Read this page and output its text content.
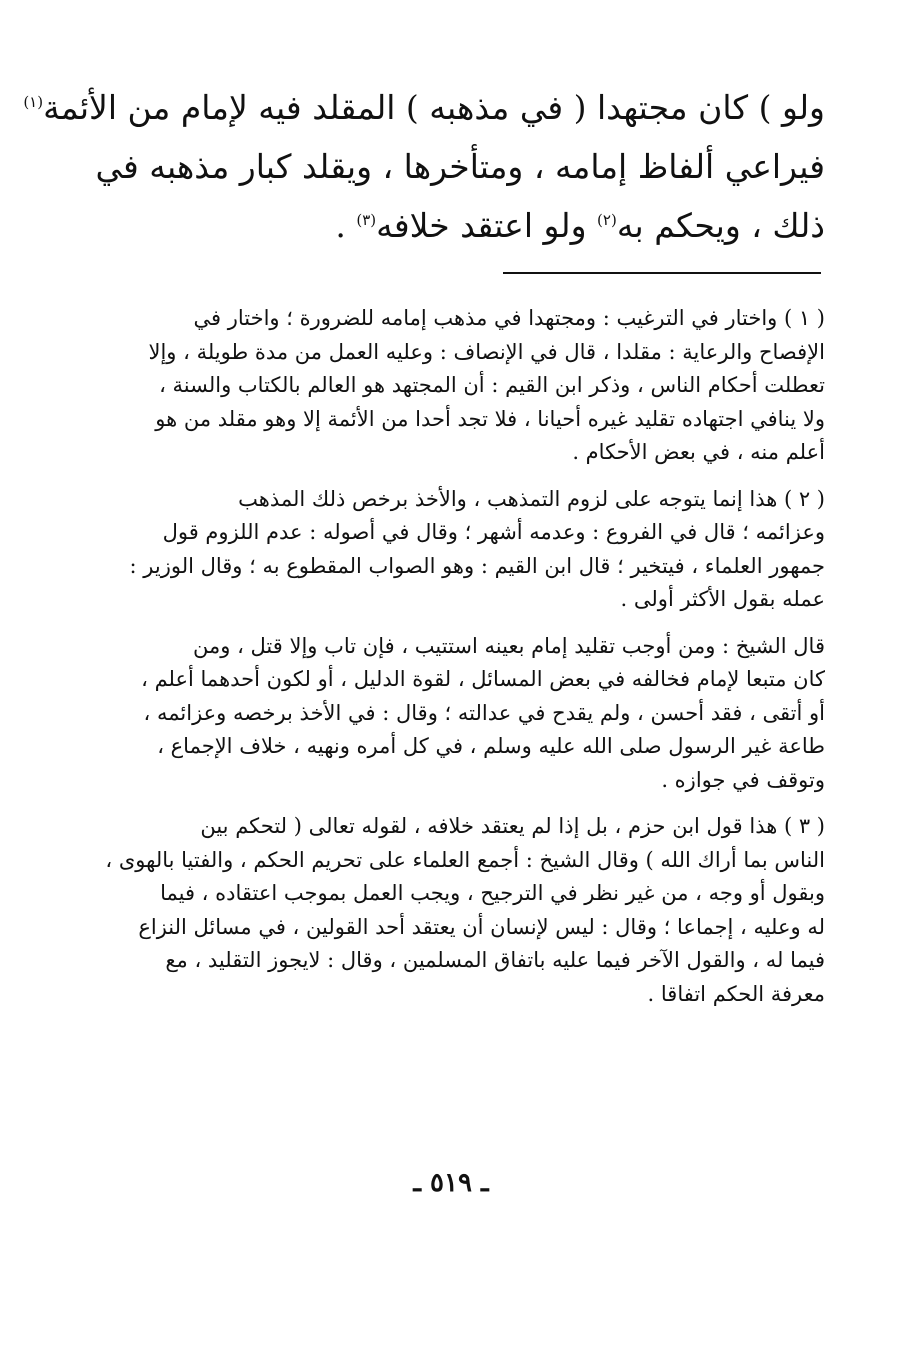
ولو ) كان مجتهدا ( في مذهبه ) المقلد فيه لإمام من الأئمة$^{(١)}$
فيراعي ألفاظ إمامه ، ومتأخرها ، ويقلد كبار مذهبه في
ذلك ، ويحكم به$^{(٢)}$ ولو اعتقد خلافه$^{(٣)}$ .
( ١ ) واختار في الترغيب : ومجتهدا في مذهب إمامه للضرورة ؛ واختار في
الإفصاح والرعاية : مقلدا ، قال في الإنصاف : وعليه العمل من مدة طويلة ، وإلا
تعطلت أحكام الناس ، وذكر ابن القيم : أن المجتهد هو العالم بالكتاب والسنة ،
ولا ينافي اجتهاده تقليد غيره أحيانا ، فلا تجد أحدا من الأئمة إلا وهو مقلد من هو
أعلم منه ، في بعض الأحكام .
( ٢ ) هذا إنما يتوجه على لزوم التمذهب ، والأخذ برخص ذلك المذهب
وعزائمه ؛ قال في الفروع : وعدمه أشهر ؛ وقال في أصوله : عدم اللزوم قول
جمهور العلماء ، فيتخير ؛ قال ابن القيم : وهو الصواب المقطوع به ؛ وقال الوزير :
عمله بقول الأكثر أولى .
قال الشيخ : ومن أوجب تقليد إمام بعينه استتيب ، فإن تاب وإلا قتل ، ومن
كان متبعا لإمام فخالفه في بعض المسائل ، لقوة الدليل ، أو لكون أحدهما أعلم ،
أو أتقى ، فقد أحسن ، ولم يقدح في عدالته ؛ وقال : في الأخذ برخصه وعزائمه ،
طاعة غير الرسول صلى الله عليه وسلم ، في كل أمره ونهيه ، خلاف الإجماع ،
وتوقف في جوازه .
( ٣ ) هذا قول ابن حزم ، بل إذا لم يعتقد خلافه ، لقوله تعالى ( لتحكم بين
الناس بما أراك الله ) وقال الشيخ : أجمع العلماء على تحريم الحكم ، والفتيا بالهوى ،
وبقول أو وجه ، من غير نظر في الترجيح ، ويجب العمل بموجب اعتقاده ، فيما
له وعليه ، إجماعا ؛ وقال : ليس لإنسان أن يعتقد أحد القولين ، في مسائل النزاع
فيما له ، والقول الآخر فيما عليه باتفاق المسلمين ، وقال : لايجوز التقليد ، مع
معرفة الحكم اتفاقا .
ـ ٥١٩ ـ
